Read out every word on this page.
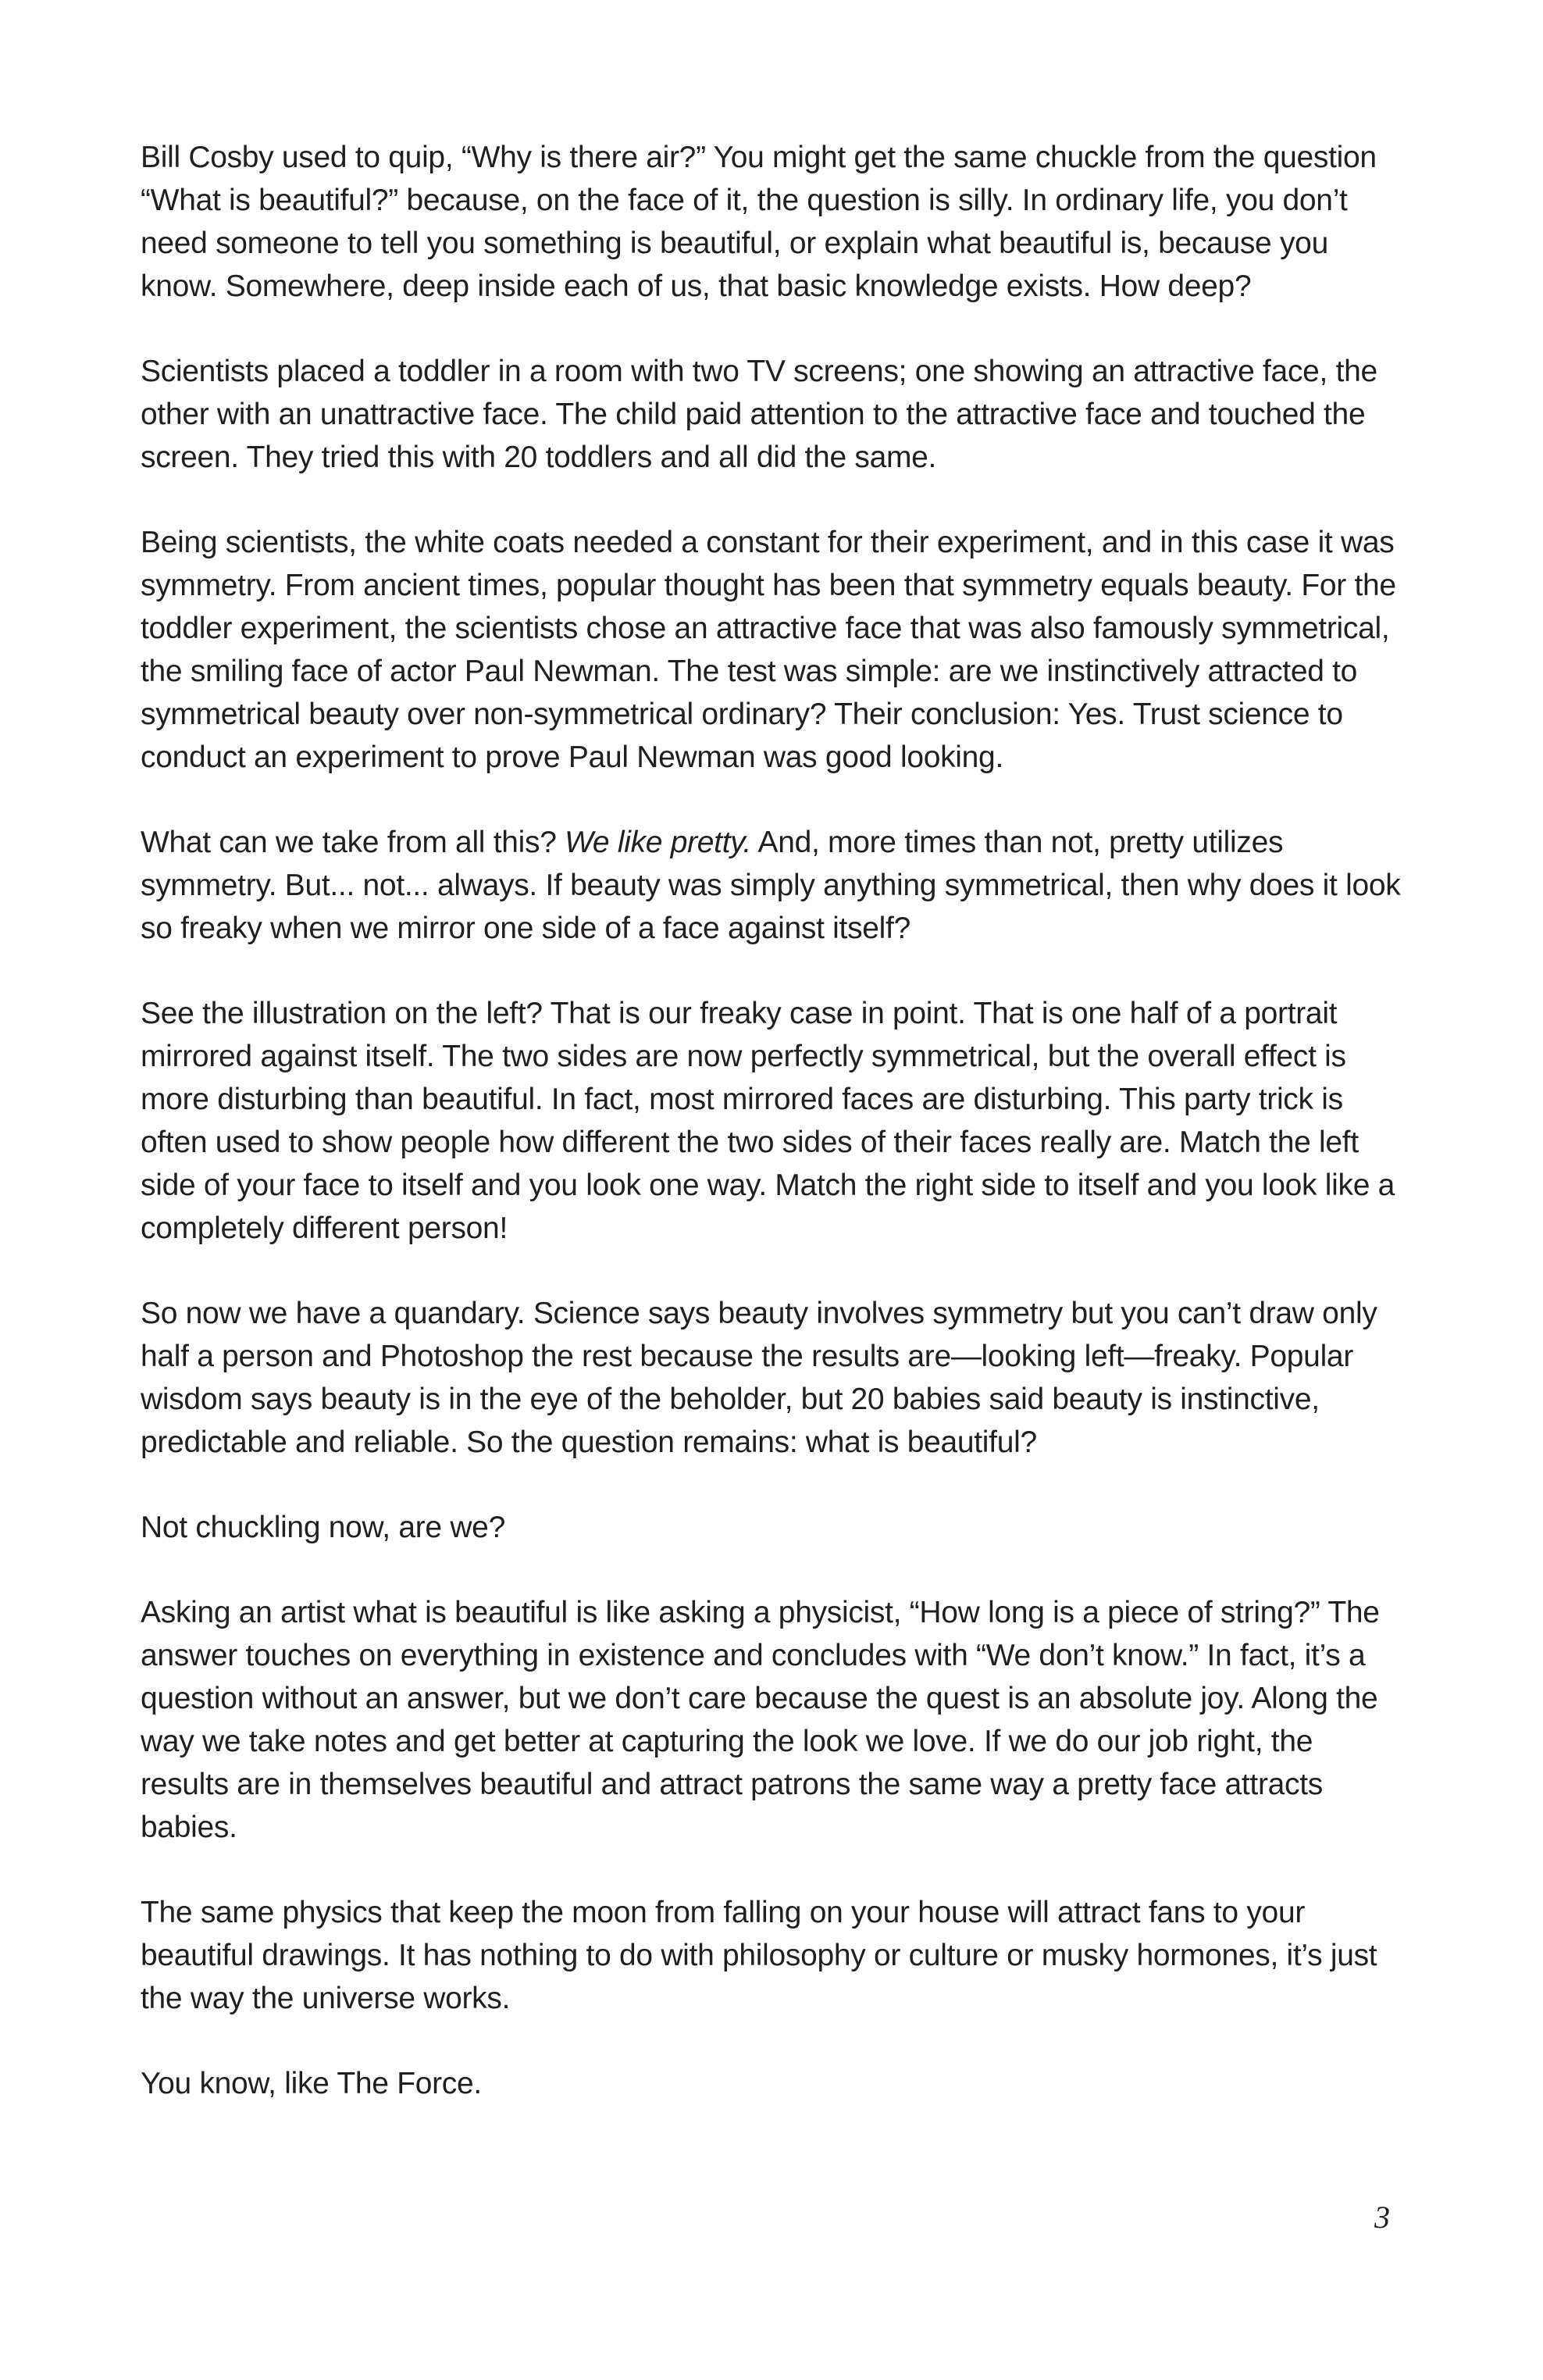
Bill Cosby used to quip, “Why is there air?” You might get the same chuckle from the question “What is beautiful?” because, on the face of it, the question is silly. In ordinary life, you don’t need someone to tell you something is beautiful, or explain what beautiful is, because you know. Somewhere, deep inside each of us, that basic knowledge exists. How deep?

Scientists placed a toddler in a room with two TV screens; one showing an attractive face, the other with an unattractive face. The child paid attention to the attractive face and touched the screen. They tried this with 20 toddlers and all did the same.

Being scientists, the white coats needed a constant for their experiment, and in this case it was symmetry. From ancient times, popular thought has been that symmetry equals beauty. For the toddler experiment, the scientists chose an attractive face that was also famously symmetrical, the smiling face of actor Paul Newman. The test was simple: are we instinctively attracted to symmetrical beauty over non-symmetrical ordinary? Their conclusion: Yes. Trust science to conduct an experiment to prove Paul Newman was good looking.

What can we take from all this? We like pretty. And, more times than not, pretty utilizes symmetry. But... not... always. If beauty was simply anything symmetrical, then why does it look so freaky when we mirror one side of a face against itself?

See the illustration on the left? That is our freaky case in point. That is one half of a portrait mirrored against itself. The two sides are now perfectly symmetrical, but the overall effect is more disturbing than beautiful. In fact, most mirrored faces are disturbing. This party trick is often used to show people how different the two sides of their faces really are. Match the left side of your face to itself and you look one way. Match the right side to itself and you look like a completely different person!

So now we have a quandary. Science says beauty involves symmetry but you can’t draw only half a person and Photoshop the rest because the results are—looking left—freaky. Popular wisdom says beauty is in the eye of the beholder, but 20 babies said beauty is instinctive, predictable and reliable. So the question remains: what is beautiful?

Not chuckling now, are we?

Asking an artist what is beautiful is like asking a physicist, “How long is a piece of string?” The answer touches on everything in existence and concludes with “We don’t know.” In fact, it’s a question without an answer, but we don’t care because the quest is an absolute joy. Along the way we take notes and get better at capturing the look we love. If we do our job right, the results are in themselves beautiful and attract patrons the same way a pretty face attracts babies.

The same physics that keep the moon from falling on your house will attract fans to your beautiful drawings. It has nothing to do with philosophy or culture or musky hormones, it’s just the way the universe works.

You know, like The Force.

3
